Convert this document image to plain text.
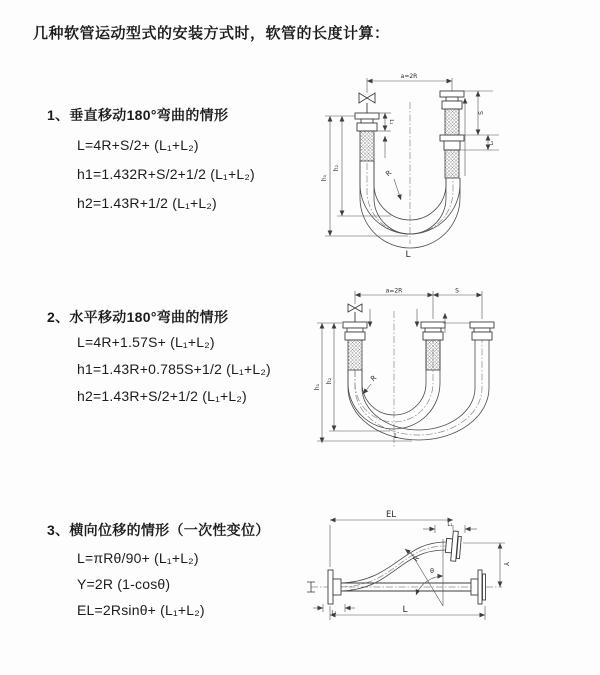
几种软管运动型式的安装方式时，软管的长度计算：
1、垂直移动180°弯曲的情形
L=4R+S/2+ (L₁+L₂)
h1=1.432R+S/2+1/2 (L₁+L₂)
h2=1.43R+1/2 (L₁+L₂)
2、水平移动180°弯曲的情形
L=4R+1.57S+ (L₁+L₂)
h1=1.43R+0.785S+1/2 (L₁+L₂)
h2=1.43R+S/2+1/2 (L₁+L₂)
3、横向位移的情形（一次性变位）
L=πRθ/90+ (L₁+L₂)
Y=2R (1-cosθ)
EL=2Rsinθ+ (L₁+L₂)
a=2R
h₁
h₂
L₁
S
L₂
R
L
a=2R	S
h₁
h₂	R
L
EL
L₁
Y
R
θ
L
L₁
